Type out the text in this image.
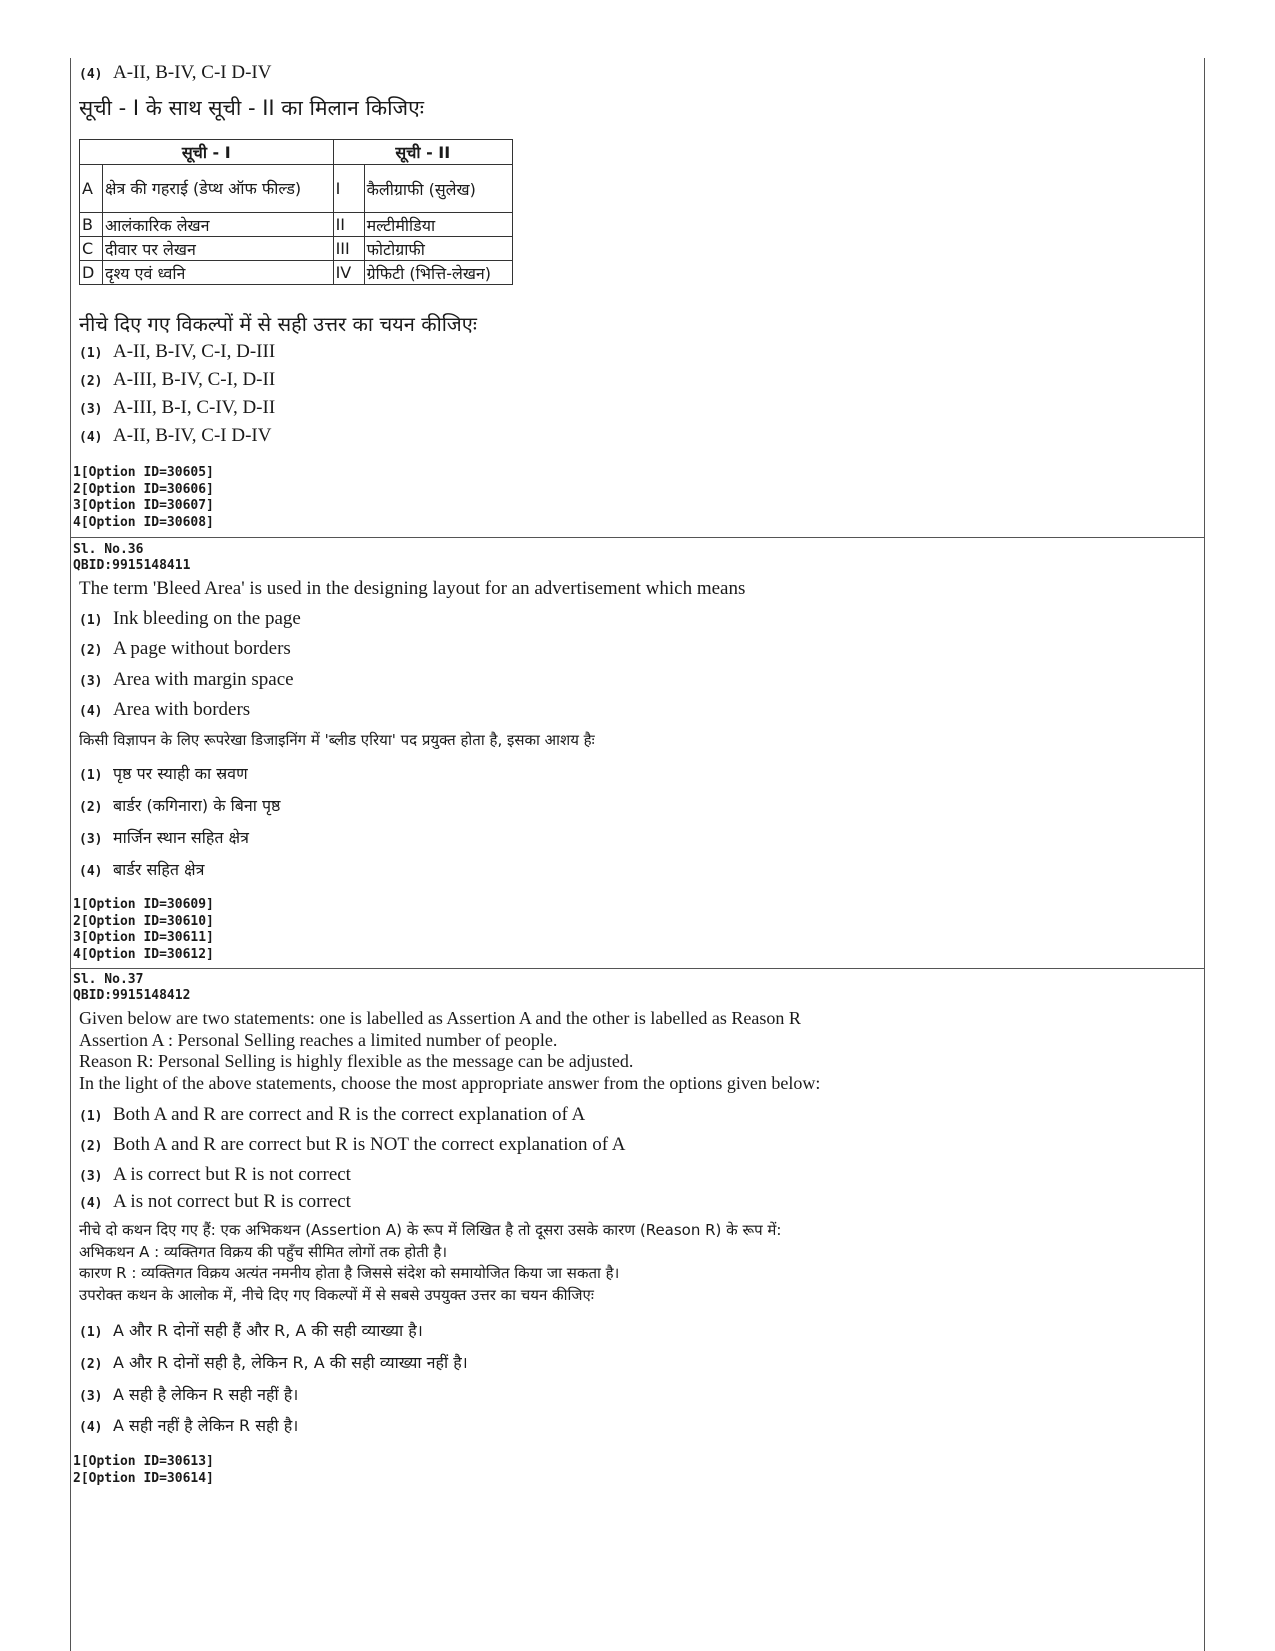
(4) A-II, B-IV, C-I D-IV
सूची - I के साथ सूची - II का मिलान किजिएः
सूची - I		सूची - II	
A	क्षेत्र की गहराई (डेप्थ ऑफ फील्ड)	I	कैलीग्राफी (सुलेख)
B	आलंकारिक लेखन	II	मल्टीमीडिया
C	दीवार पर लेखन	III	फोटोग्राफी
D	दृश्य एवं ध्वनि	IV	ग्रेफिटी (भित्ति-लेखन)
नीचे दिए गए विकल्पों में से सही उत्तर का चयन कीजिएः
(1) A-II, B-IV, C-I, D-III
(2) A-III, B-IV, C-I, D-II
(3) A-III, B-I, C-IV, D-II
(4) A-II, B-IV, C-I D-IV
1[Option ID=30605]
2[Option ID=30606]
3[Option ID=30607]
4[Option ID=30608]
Sl. No.36
QBID:9915148411
The term 'Bleed Area' is used in the designing layout for an advertisement which means
(1) Ink bleeding on the page
(2) A page without borders
(3) Area with margin space
(4) Area with borders
किसी विज्ञापन के लिए रूपरेखा डिजाइनिंग में 'ब्लीड एरिया' पद प्रयुक्त होता है, इसका आशय हैः
(1) पृष्ठ पर स्याही का स्रवण
(2) बार्डर (कगिनारा) के बिना पृष्ठ
(3) मार्जिन स्थान सहित क्षेत्र
(4) बार्डर सहित क्षेत्र
1[Option ID=30609]
2[Option ID=30610]
3[Option ID=30611]
4[Option ID=30612]
Sl. No.37
QBID:9915148412
Given below are two statements: one is labelled as Assertion A and the other is labelled as Reason R
Assertion A : Personal Selling reaches a limited number of people.
Reason R: Personal Selling is highly flexible as the message can be adjusted.
In the light of the above statements, choose the most appropriate answer from the options given below:
(1) Both A and R are correct and R is the correct explanation of A
(2) Both A and R are correct but R is NOT the correct explanation of A
(3) A is correct but R is not correct
(4) A is not correct but R is correct
नीचे दो कथन दिए गए हैं: एक अभिकथन (Assertion A) के रूप में लिखित है तो दूसरा उसके कारण (Reason R) के रूप में:
अभिकथन A : व्यक्तिगत विक्रय की पहुँच सीमित लोगों तक होती है।
कारण R : व्यक्तिगत विक्रय अत्यंत नमनीय होता है जिससे संदेश को समायोजित किया जा सकता है।
उपरोक्त कथन के आलोक में, नीचे दिए गए विकल्पों में से सबसे उपयुक्त उत्तर का चयन कीजिएः
(1) A और R दोनों सही हैं और R, A की सही व्याख्या है।
(2) A और R दोनों सही है, लेकिन R, A की सही व्याख्या नहीं है।
(3) A सही है लेकिन R सही नहीं है।
(4) A सही नहीं है लेकिन R सही है।
1[Option ID=30613]
2[Option ID=30614]
